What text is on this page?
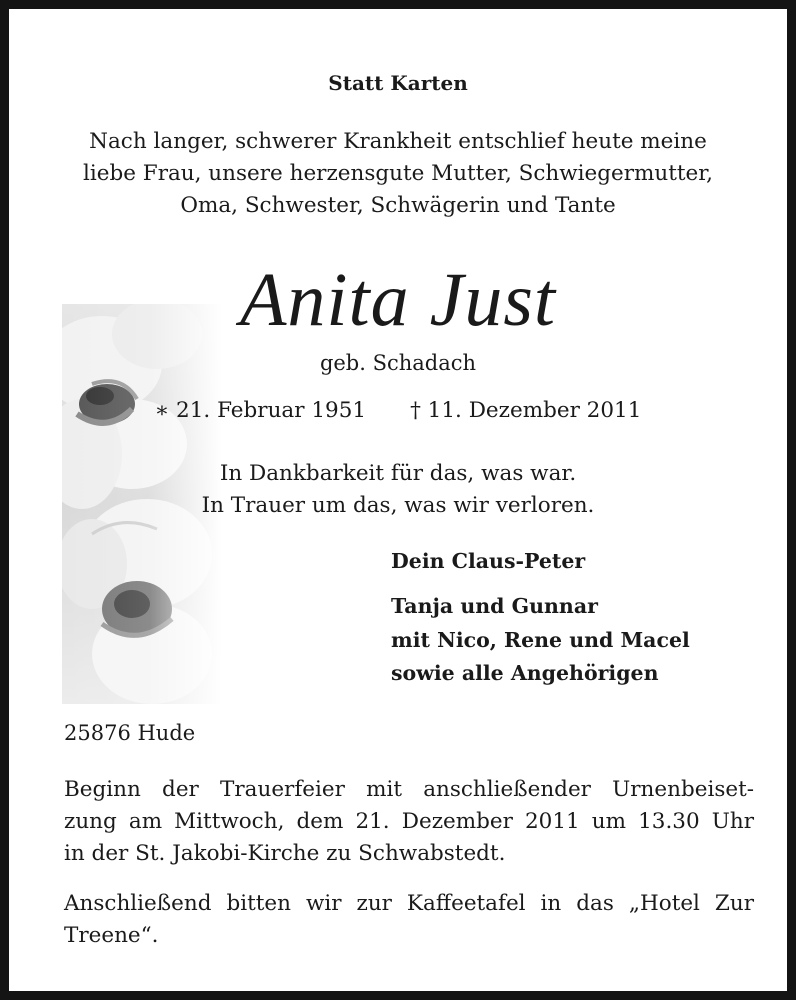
Statt Karten
Nach langer, schwerer Krankheit entschlief heute meine
liebe Frau, unsere herzensgute Mutter, Schwiegermutter,
Oma, Schwester, Schwägerin und Tante
Anita Just
geb. Schadach
∗ 21. Februar 1951 † 11. Dezember 2011
In Dankbarkeit für das, was war.
In Trauer um das, was wir verloren.
Dein Claus-Peter
Tanja und Gunnar
mit Nico, Rene und Macel
sowie alle Angehörigen
25876 Hude
Beginn der Trauerfeier mit anschließender Urnenbeiset-
zung am Mittwoch, dem 21. Dezember 2011 um 13.30 Uhr
in der St. Jakobi-Kirche zu Schwabstedt.
Anschließend bitten wir zur Kaffeetafel in das „Hotel Zur
Treene“.
